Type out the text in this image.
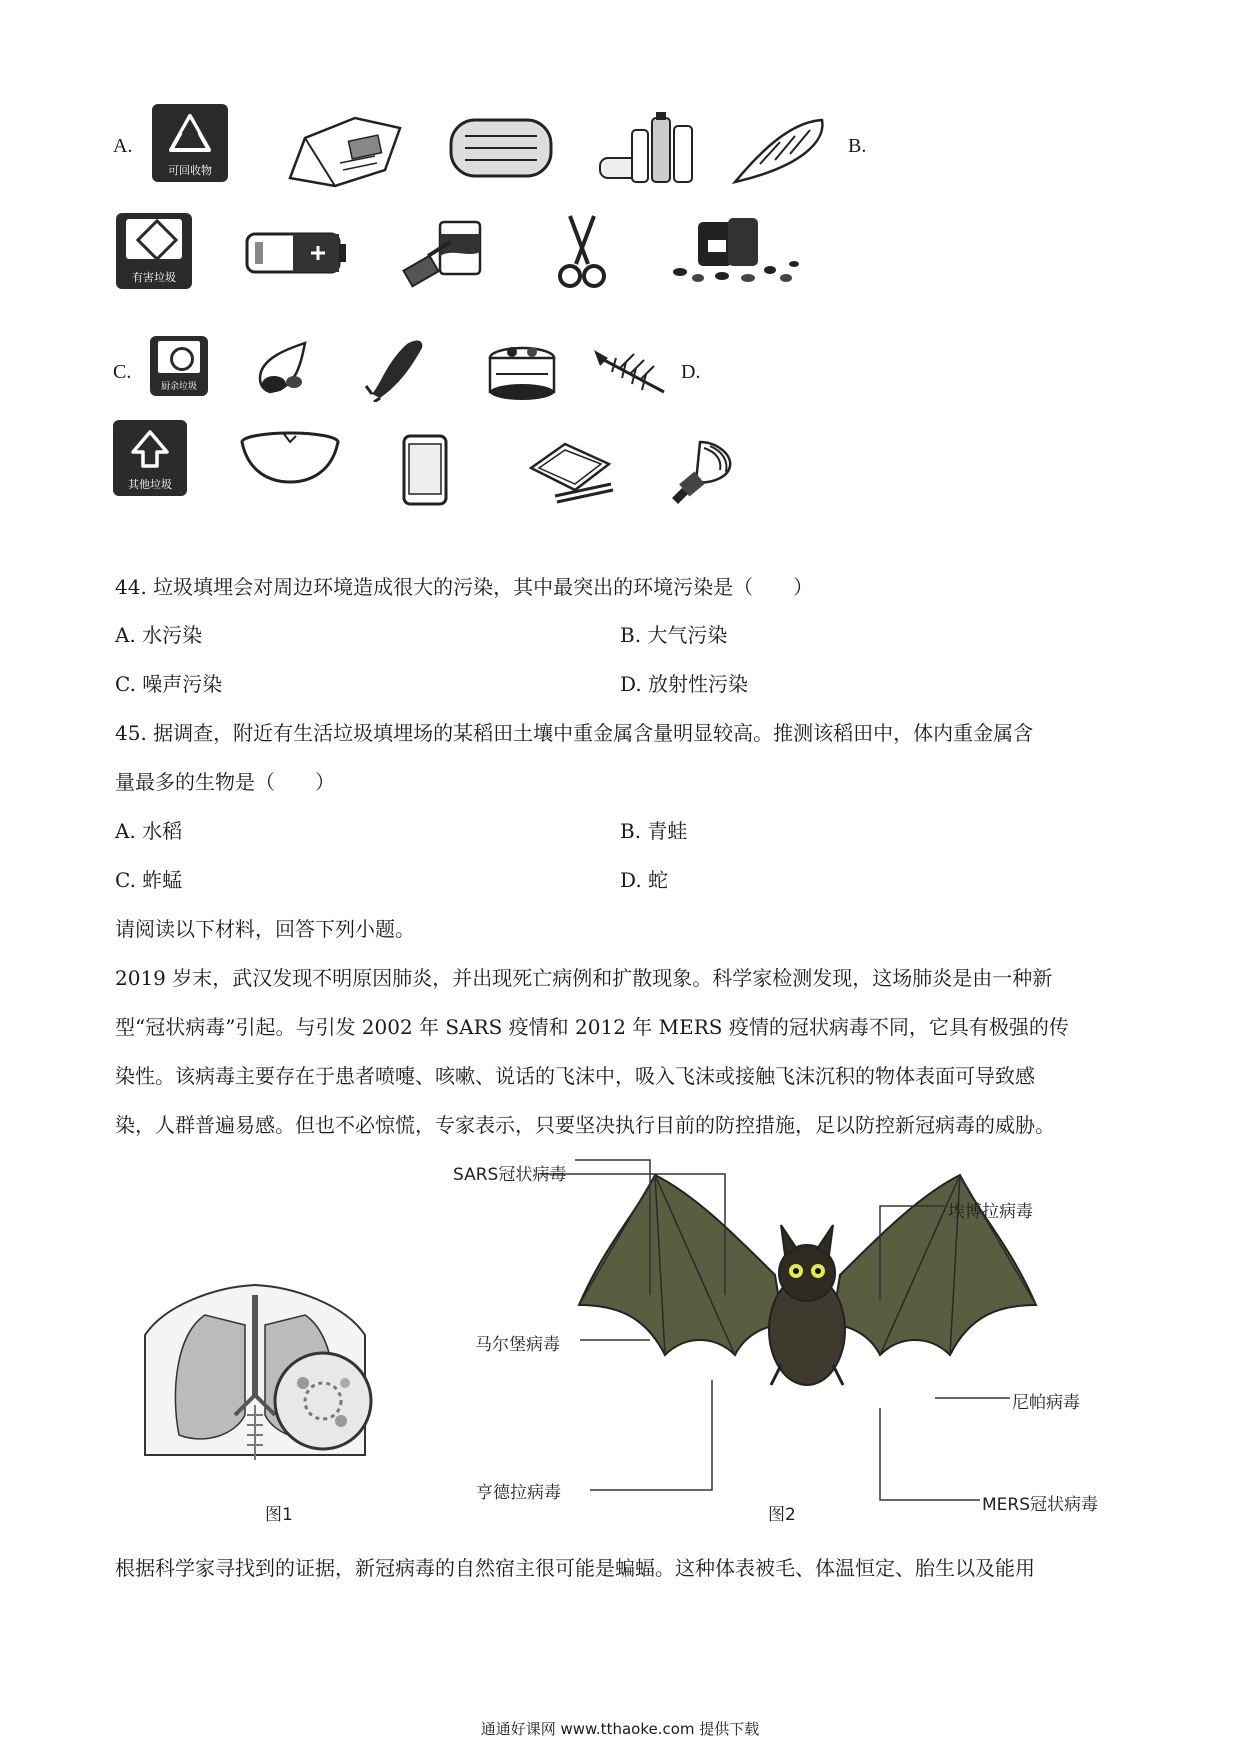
A.
可回收物
B.
有害垃圾
C.
厨余垃圾
D.
其他垃圾
44. 垃圾填埋会对周边环境造成很大的污染，其中最突出的环境污染是（　　）
A. 水污染	B. 大气污染
C. 噪声污染	D. 放射性污染
45. 据调查，附近有生活垃圾填埋场的某稻田土壤中重金属含量明显较高。推测该稻田中，体内重金属含
量最多的生物是（　　）
A. 水稻	B. 青蛙
C. 蚱蜢	D. 蛇
请阅读以下材料，回答下列小题。
2019 岁末，武汉发现不明原因肺炎，并出现死亡病例和扩散现象。科学家检测发现，这场肺炎是由一种新
型“冠状病毒”引起。与引发 2002 年 SARS 疫情和 2012 年 MERS 疫情的冠状病毒不同，它具有极强的传
染性。该病毒主要存在于患者喷嚏、咳嗽、说话的飞沫中，吸入飞沫或接触飞沫沉积的物体表面可导致感
染，人群普遍易感。但也不必惊慌，专家表示，只要坚决执行目前的防控措施，足以防控新冠病毒的威胁。
图1
SARS冠状病毒
埃博拉病毒
马尔堡病毒
尼帕病毒
亨德拉病毒
MERS冠状病毒
图2
根据科学家寻找到的证据，新冠病毒的自然宿主很可能是蝙蝠。这种体表被毛、体温恒定、胎生以及能用
通通好课网 www.tthaoke.com 提供下载
